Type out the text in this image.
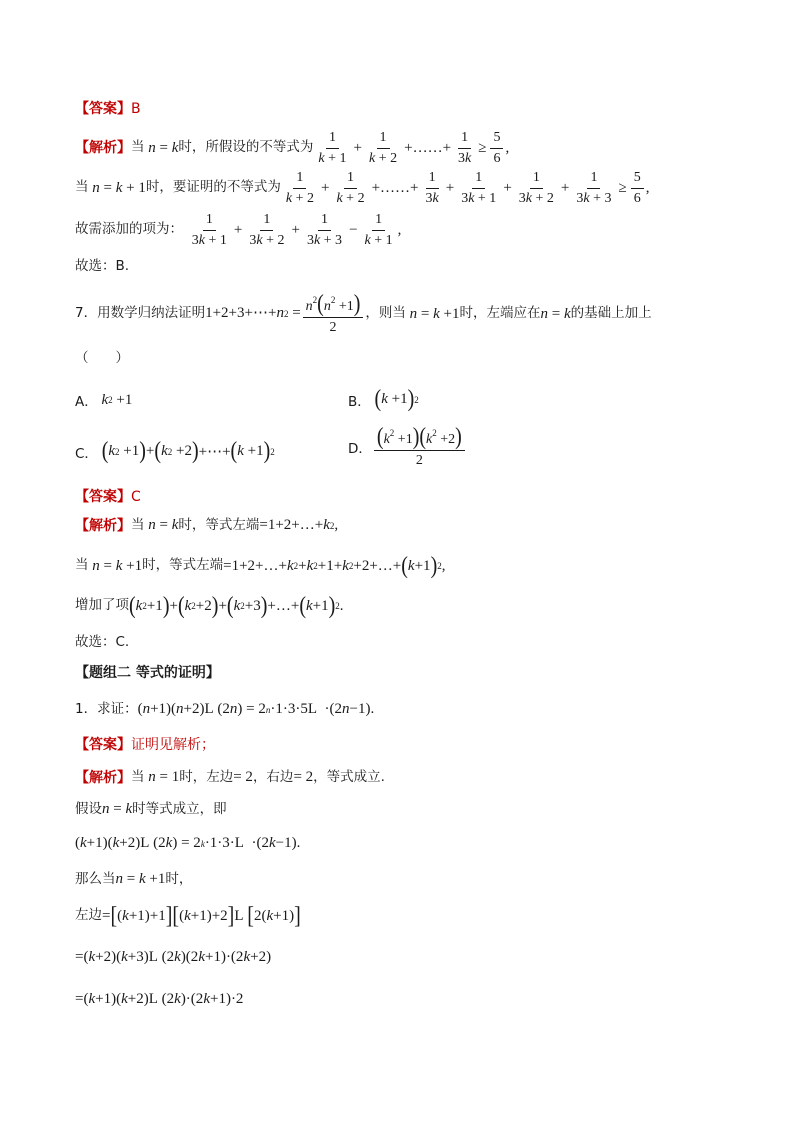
【答案】 B
【解析】 当
n = k 时，所假设的不等式为 $\frac{1}{k + 1} + \frac{1}{k + 2}$ +……+ $\frac{1}{3k} \ge \frac{5}{6}$ ,
当
n = k + 1 时，要证明的不等式为 $\frac{1}{k + 2} + \frac{1}{k + 2}$ +……+ $\frac{1}{3k} + \frac{1}{3k + 1} + \frac{1}{3k + 2} + \frac{1}{3k + 3} \ge \frac{5}{6}$ ,
故需添加的项为：
$\frac{1}{3k + 1} + \frac{1}{3k + 2} + \frac{1}{3k + 3} - \frac{1}{k + 1}$ ,
故选：B.
7．用数学归纳法证明 1+2+3+⋯+ n $2 = \frac{n^2(n^2 +1)}{2}$ ，则当
n = k +1 时，左端应在 n = k 的基础上加上
（　　）
A．
k 2 +1	B．
( k +1 ) 2
C．
( k 2 +1 ) + ( k 2 +2 ) +⋯+ ( k +1 ) 2	D． $\frac{(k^2 +1)(k^2 +2)}{2}$
【答案】 C
【解析】 当
n = k 时，等式左端 =1+2+…+ k 2 ,
当
n = k +1 时，等式左端 =1+2+…+ k 2 + k 2 +1+ k 2 +2+…+ ( k +1 ) 2 ,
增加了项 ( k 2 +1 ) + ( k 2 +2 ) + ( k 2 +3 ) +…+ ( k +1 ) 2 .
故选：C.
【题组二 等式的证明】
1．求证： ( n +1)( n +2)L (2 n ) = 2 n ·1·3·5L  ·(2 n −1).
【答案】 证明见解析；
【解析】 当
n = 1 时，左边 = 2 ，右边 = 2 ，等式成立.
假设 n = k 时等式成立，即
( k +1)( k +2)L (2 k ) = 2 k ·1·3·L  ·(2 k −1).
那么当 n = k +1 时，
左边 = [ ( k +1)+1 ] [ ( k +1)+2 ] L [ 2( k +1) ]
=( k +2)( k +3)L (2 k )(2 k +1)·(2 k +2)
=( k +1)( k +2)L (2 k )·(2 k +1)·2
